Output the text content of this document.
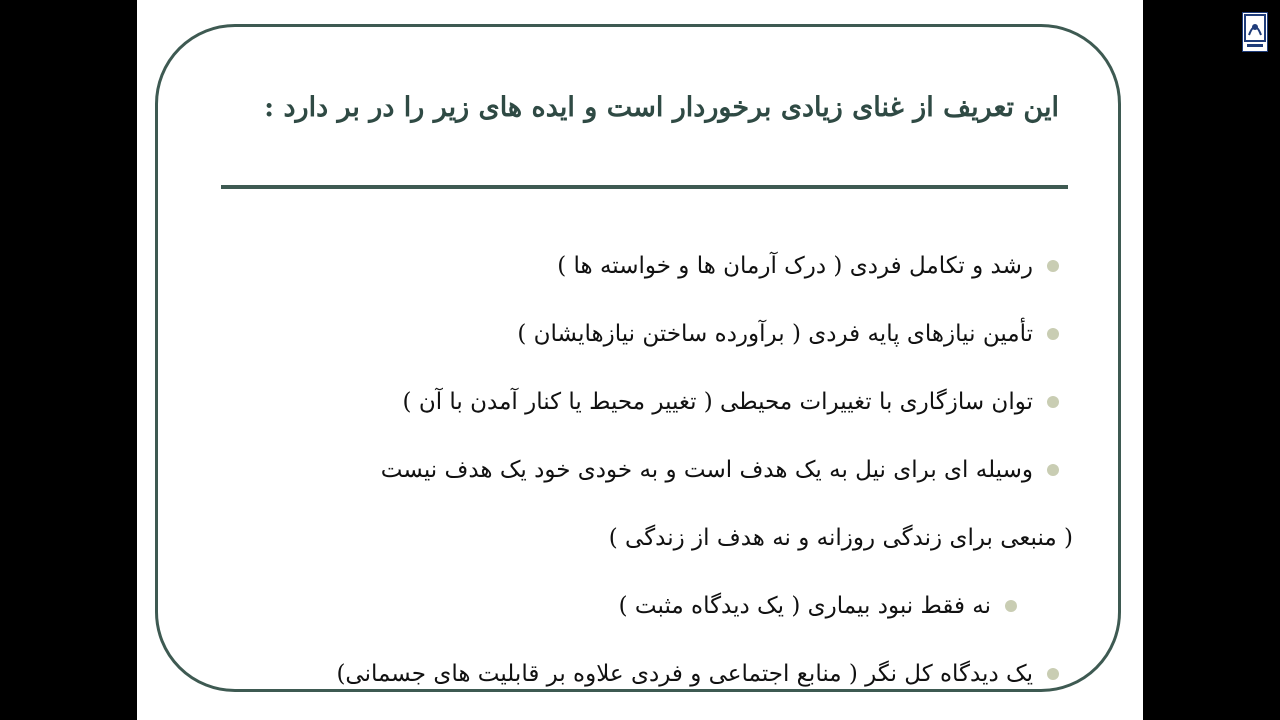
این تعریف از غنای زیادی برخوردار است و ایده های زیر را در بر دارد :
رشد و تکامل فردی ( درک آرمان ها و خواسته ها )
تأمین نیازهای پایه فردی ( برآورده ساختن نیازهایشان )
توان سازگاری با تغییرات محیطی ( تغییر محیط یا کنار آمدن با آن )
وسیله ای برای نیل به یک هدف است و به خودی خود یک هدف نیست
( منبعی برای زندگی روزانه و نه هدف از زندگی )
نه فقط نبود بیماری ( یک دیدگاه مثبت )
یک دیدگاه کل نگر ( منابع اجتماعی و فردی علاوه بر قابلیت های جسمانی)
